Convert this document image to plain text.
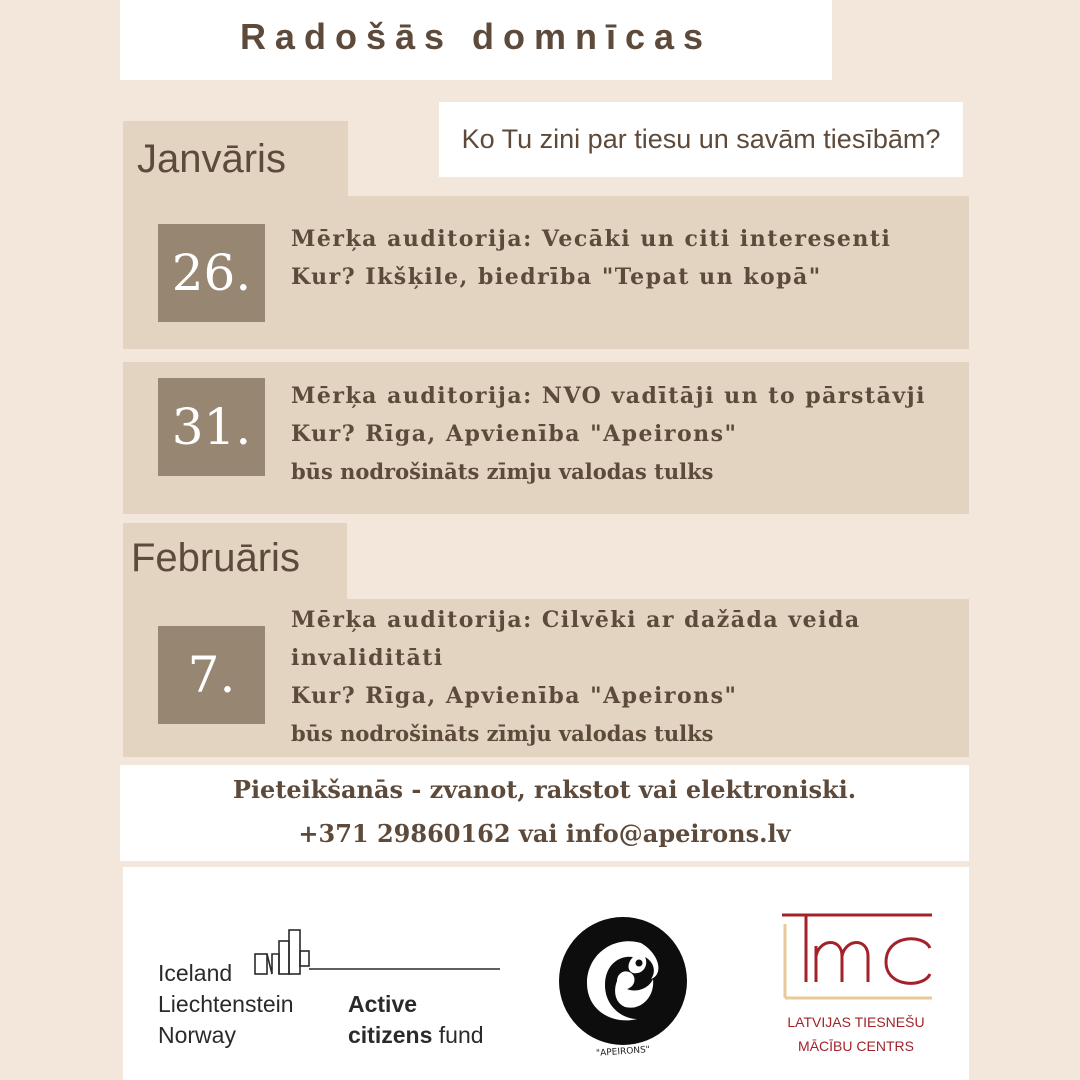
Radošās domnīcas
Ko Tu zini par tiesu un savām tiesībām?
Janvāris
26.
Mērķa auditorija: Vecāki un citi interesenti
Kur? Ikšķile, biedrība "Tepat un kopā"
31.
Mērķa auditorija: NVO vadītāji un to pārstāvji
Kur? Rīga, Apvienība "Apeirons"
būs nodrošināts zīmju valodas tulks
Februāris
7.
Mērķa auditorija: Cilvēki ar dažāda veida
invaliditāti
Kur? Rīga, Apvienība "Apeirons"
būs nodrošināts zīmju valodas tulks
Pieteikšanās - zvanot, rakstot vai elektroniski.
+371 29860162 vai info@apeirons.lv
Iceland
Liechtenstein
Norway
Active
citizens fund
"APEIRONS"
LATVIJAS TIESNEŠU
MĀCĪBU CENTRS
